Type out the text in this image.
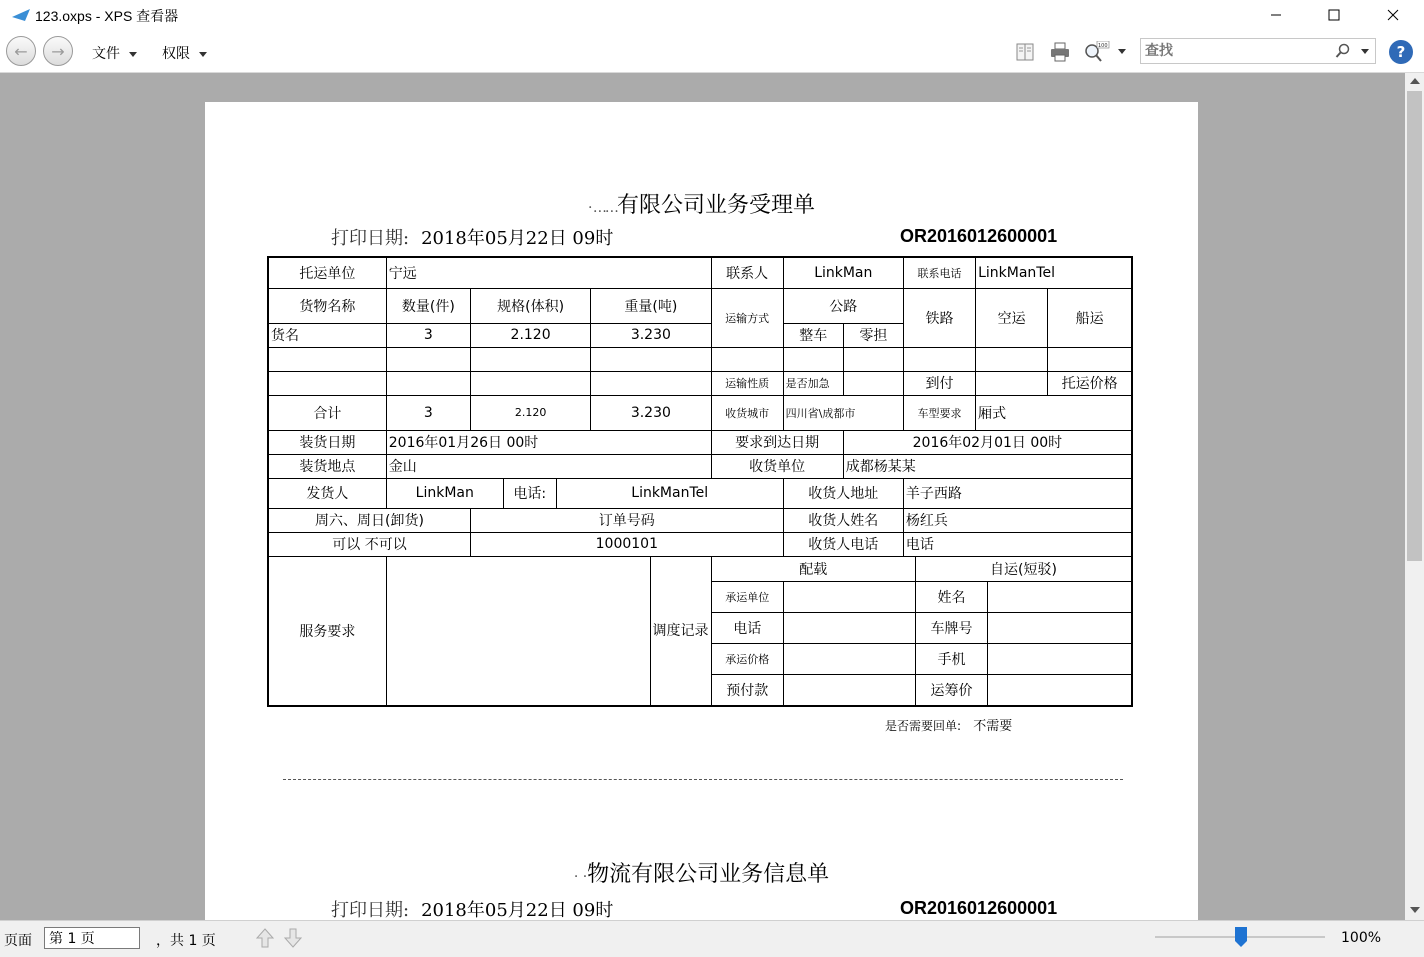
123.oxps - XPS 查看器
← → 文件	权限	100
查找	?
· ……有限公司业务受理单
打印日期: 2018年05月22日 09时	OR2016012600001
托运单位	宁远	联系人	LinkMan	联系电话	LinkManTel
货物名称	数量(件)	规格(体积)	重量(吨)	运输方式	公路	铁路	空运	船运
货名	3	2.120	3.230	整车	零担

				运输性质	是否加急		到付		托运价格
合计	3	2.120	3.230	收货城市	四川省\成都市	车型要求	厢式
装货日期	2016年01月26日 00时	要求到达日期	2016年02月01日 00时
装货地点	金山	收货单位	成都杨某某
发货人	LinkMan	电话:	LinkManTel	收货人地址	羊子西路
周六、周日(卸货)	订单号码	收货人姓名	杨红兵
可以 不可以	1000101	收货人电话	电话
服务要求	调度记录

配载	自运(短驳)
承运单位		姓名	
电话		车牌号	
承运价格		手机	
预付款		运筹价	
是否需要回单: 不需要
· ·物流有限公司业务信息单
打印日期: 2018年05月22日 09时	OR2016012600001
页面
第 1 页	，共 1 页	100%
